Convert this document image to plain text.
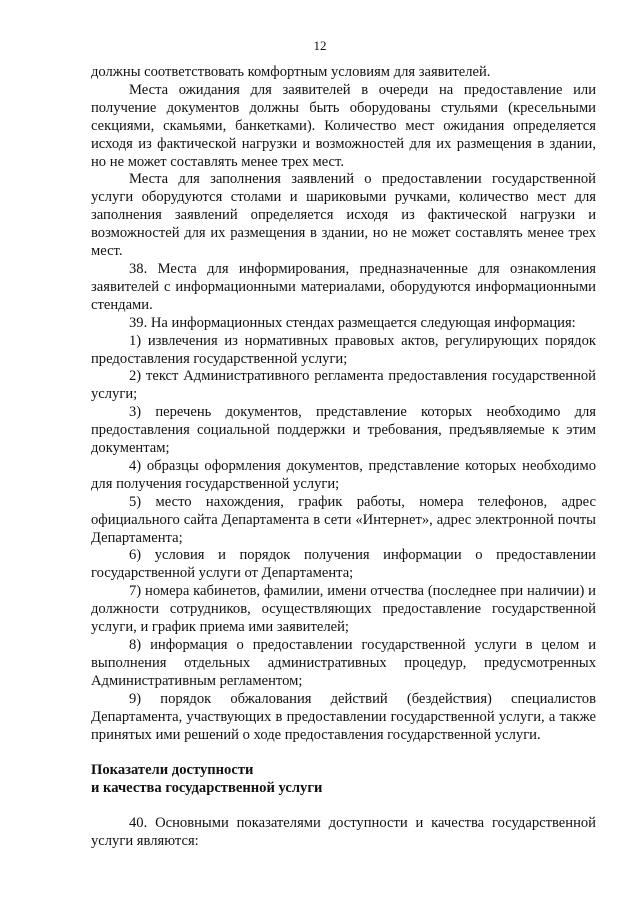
12

должны соответствовать комфортным условиям для заявителей.

Места ожидания для заявителей в очереди на предоставление или получение документов должны быть оборудованы стульями (кресельными секциями, скамьями, банкетками). Количество мест ожидания определяется исходя из фактической нагрузки и возможностей для их размещения в здании, но не может составлять менее трех мест.

Места для заполнения заявлений о предоставлении государственной услуги оборудуются столами и шариковыми ручками, количество мест для заполнения заявлений определяется исходя из фактической нагрузки и возможностей для их размещения в здании, но не может составлять менее трех мест.

38. Места для информирования, предназначенные для ознакомления заявителей с информационными материалами, оборудуются информационными стендами.

39. На информационных стендах размещается следующая информация:

1) извлечения из нормативных правовых актов, регулирующих порядок предоставления государственной услуги;

2) текст Административного регламента предоставления государственной услуги;

3) перечень документов, представление которых необходимо для предоставления социальной поддержки и требования, предъявляемые к этим документам;

4) образцы оформления документов, представление которых необходимо для получения государственной услуги;

5) место нахождения, график работы, номера телефонов, адрес официального сайта Департамента в сети «Интернет», адрес электронной почты Департамента;

6) условия и порядок получения информации о предоставлении государственной услуги от Департамента;

7) номера кабинетов, фамилии, имени отчества (последнее при наличии) и должности сотрудников, осуществляющих предоставление государственной услуги, и график приема ими заявителей;

8) информация о предоставлении государственной услуги в целом и выполнения отдельных административных процедур, предусмотренных Административным регламентом;

9) порядок обжалования действий (бездействия) специалистов Департамента, участвующих в предоставлении государственной услуги, а также принятых ими решений о ходе предоставления государственной услуги.

Показатели доступности

и качества государственной услуги

40. Основными показателями доступности и качества государственной услуги являются:
